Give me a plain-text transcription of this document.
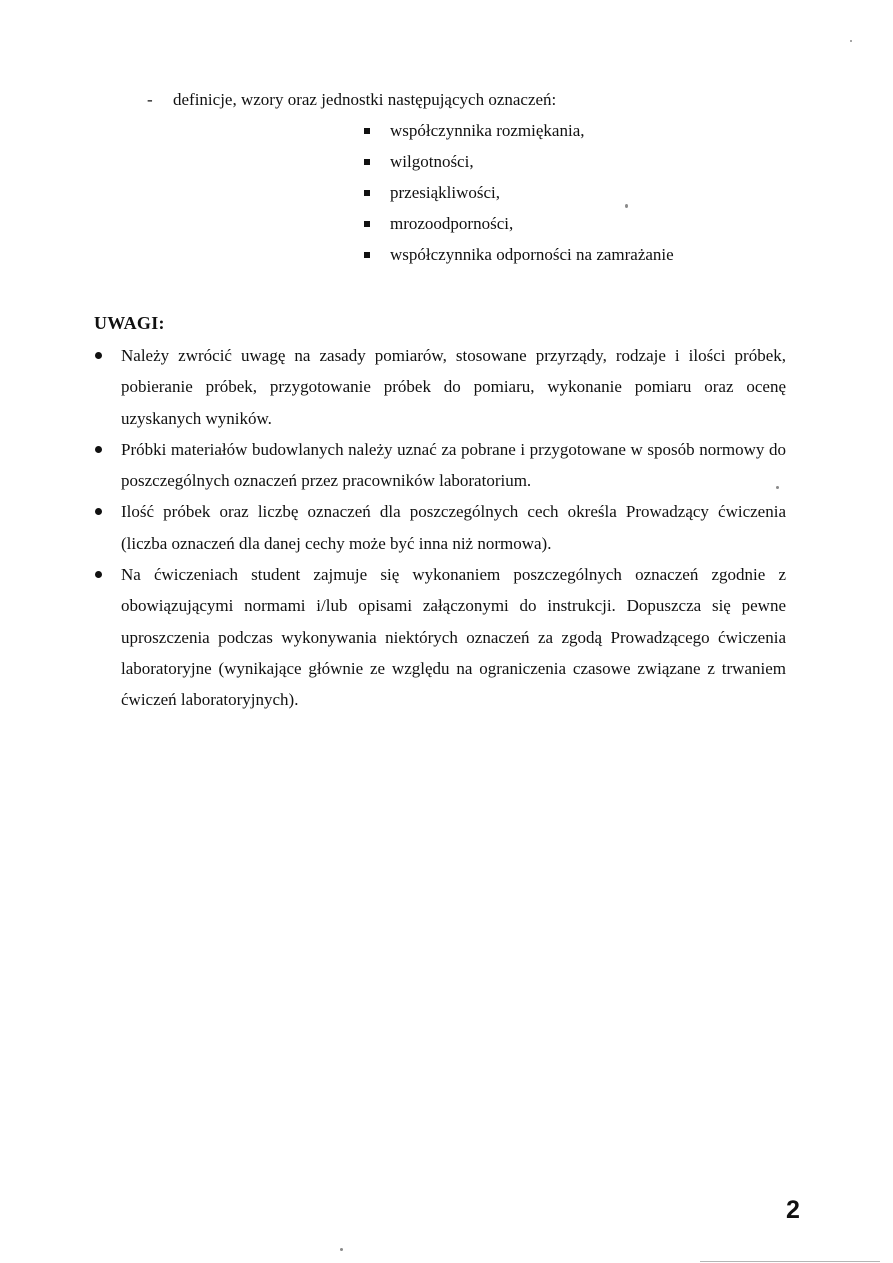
- definicje, wzory oraz jednostki następujących oznaczeń:
współczynnika rozmiękania,
wilgotności,
przesiąkliwości,
mrozoodporności,
współczynnika odporności na zamrażanie
UWAGI:
Należy zwrócić uwagę na zasady pomiarów, stosowane przyrządy, rodzaje i ilości próbek, pobieranie próbek, przygotowanie próbek do pomiaru, wykonanie pomiaru oraz ocenę uzyskanych wyników.
Próbki materiałów budowlanych należy uznać za pobrane i przygotowane w sposób normowy do poszczególnych oznaczeń przez pracowników laboratorium.
Ilość próbek oraz liczbę oznaczeń dla poszczególnych cech określa Prowadzący ćwiczenia (liczba oznaczeń dla danej cechy może być inna niż normowa).
Na ćwiczeniach student zajmuje się wykonaniem poszczególnych oznaczeń zgodnie z obowiązującymi normami i/lub opisami załączonymi do instrukcji. Dopuszcza się pewne uproszczenia podczas wykonywania niektórych oznaczeń za zgodą Prowadzącego ćwiczenia laboratoryjne (wynikające głównie ze względu na ograniczenia czasowe związane z trwaniem ćwiczeń laboratoryjnych).
2
